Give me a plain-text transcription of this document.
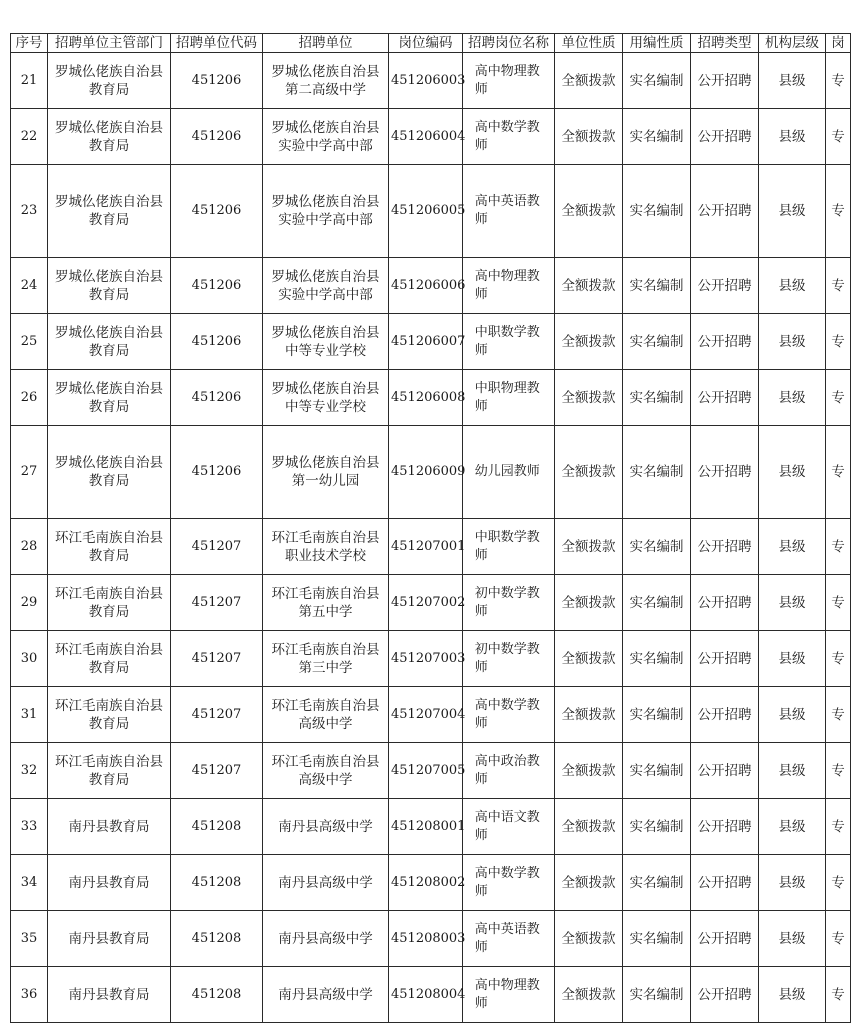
序号	招聘单位主管部门	招聘单位代码	招聘单位	岗位编码	招聘岗位名称	单位性质	用编性质	招聘类型	机构层级	岗
21	罗城仫佬族自治县教育局	451206	罗城仫佬族自治县第二高级中学	451206003	高中物理教师	全额拨款	实名编制	公开招聘	县级	专
22	罗城仫佬族自治县教育局	451206	罗城仫佬族自治县实验中学高中部	451206004	高中数学教师	全额拨款	实名编制	公开招聘	县级	专
23	罗城仫佬族自治县教育局	451206	罗城仫佬族自治县实验中学高中部	451206005	高中英语教师	全额拨款	实名编制	公开招聘	县级	专
24	罗城仫佬族自治县教育局	451206	罗城仫佬族自治县实验中学高中部	451206006	高中物理教师	全额拨款	实名编制	公开招聘	县级	专
25	罗城仫佬族自治县教育局	451206	罗城仫佬族自治县中等专业学校	451206007	中职数学教师	全额拨款	实名编制	公开招聘	县级	专
26	罗城仫佬族自治县教育局	451206	罗城仫佬族自治县中等专业学校	451206008	中职物理教师	全额拨款	实名编制	公开招聘	县级	专
27	罗城仫佬族自治县教育局	451206	罗城仫佬族自治县第一幼儿园	451206009	幼儿园教师	全额拨款	实名编制	公开招聘	县级	专
28	环江毛南族自治县教育局	451207	环江毛南族自治县职业技术学校	451207001	中职数学教师	全额拨款	实名编制	公开招聘	县级	专
29	环江毛南族自治县教育局	451207	环江毛南族自治县第五中学	451207002	初中数学教师	全额拨款	实名编制	公开招聘	县级	专
30	环江毛南族自治县教育局	451207	环江毛南族自治县第三中学	451207003	初中数学教师	全额拨款	实名编制	公开招聘	县级	专
31	环江毛南族自治县教育局	451207	环江毛南族自治县高级中学	451207004	高中数学教师	全额拨款	实名编制	公开招聘	县级	专
32	环江毛南族自治县教育局	451207	环江毛南族自治县高级中学	451207005	高中政治教师	全额拨款	实名编制	公开招聘	县级	专
33	南丹县教育局	451208	南丹县高级中学	451208001	高中语文教师	全额拨款	实名编制	公开招聘	县级	专
34	南丹县教育局	451208	南丹县高级中学	451208002	高中数学教师	全额拨款	实名编制	公开招聘	县级	专
35	南丹县教育局	451208	南丹县高级中学	451208003	高中英语教师	全额拨款	实名编制	公开招聘	县级	专
36	南丹县教育局	451208	南丹县高级中学	451208004	高中物理教师	全额拨款	实名编制	公开招聘	县级	专
